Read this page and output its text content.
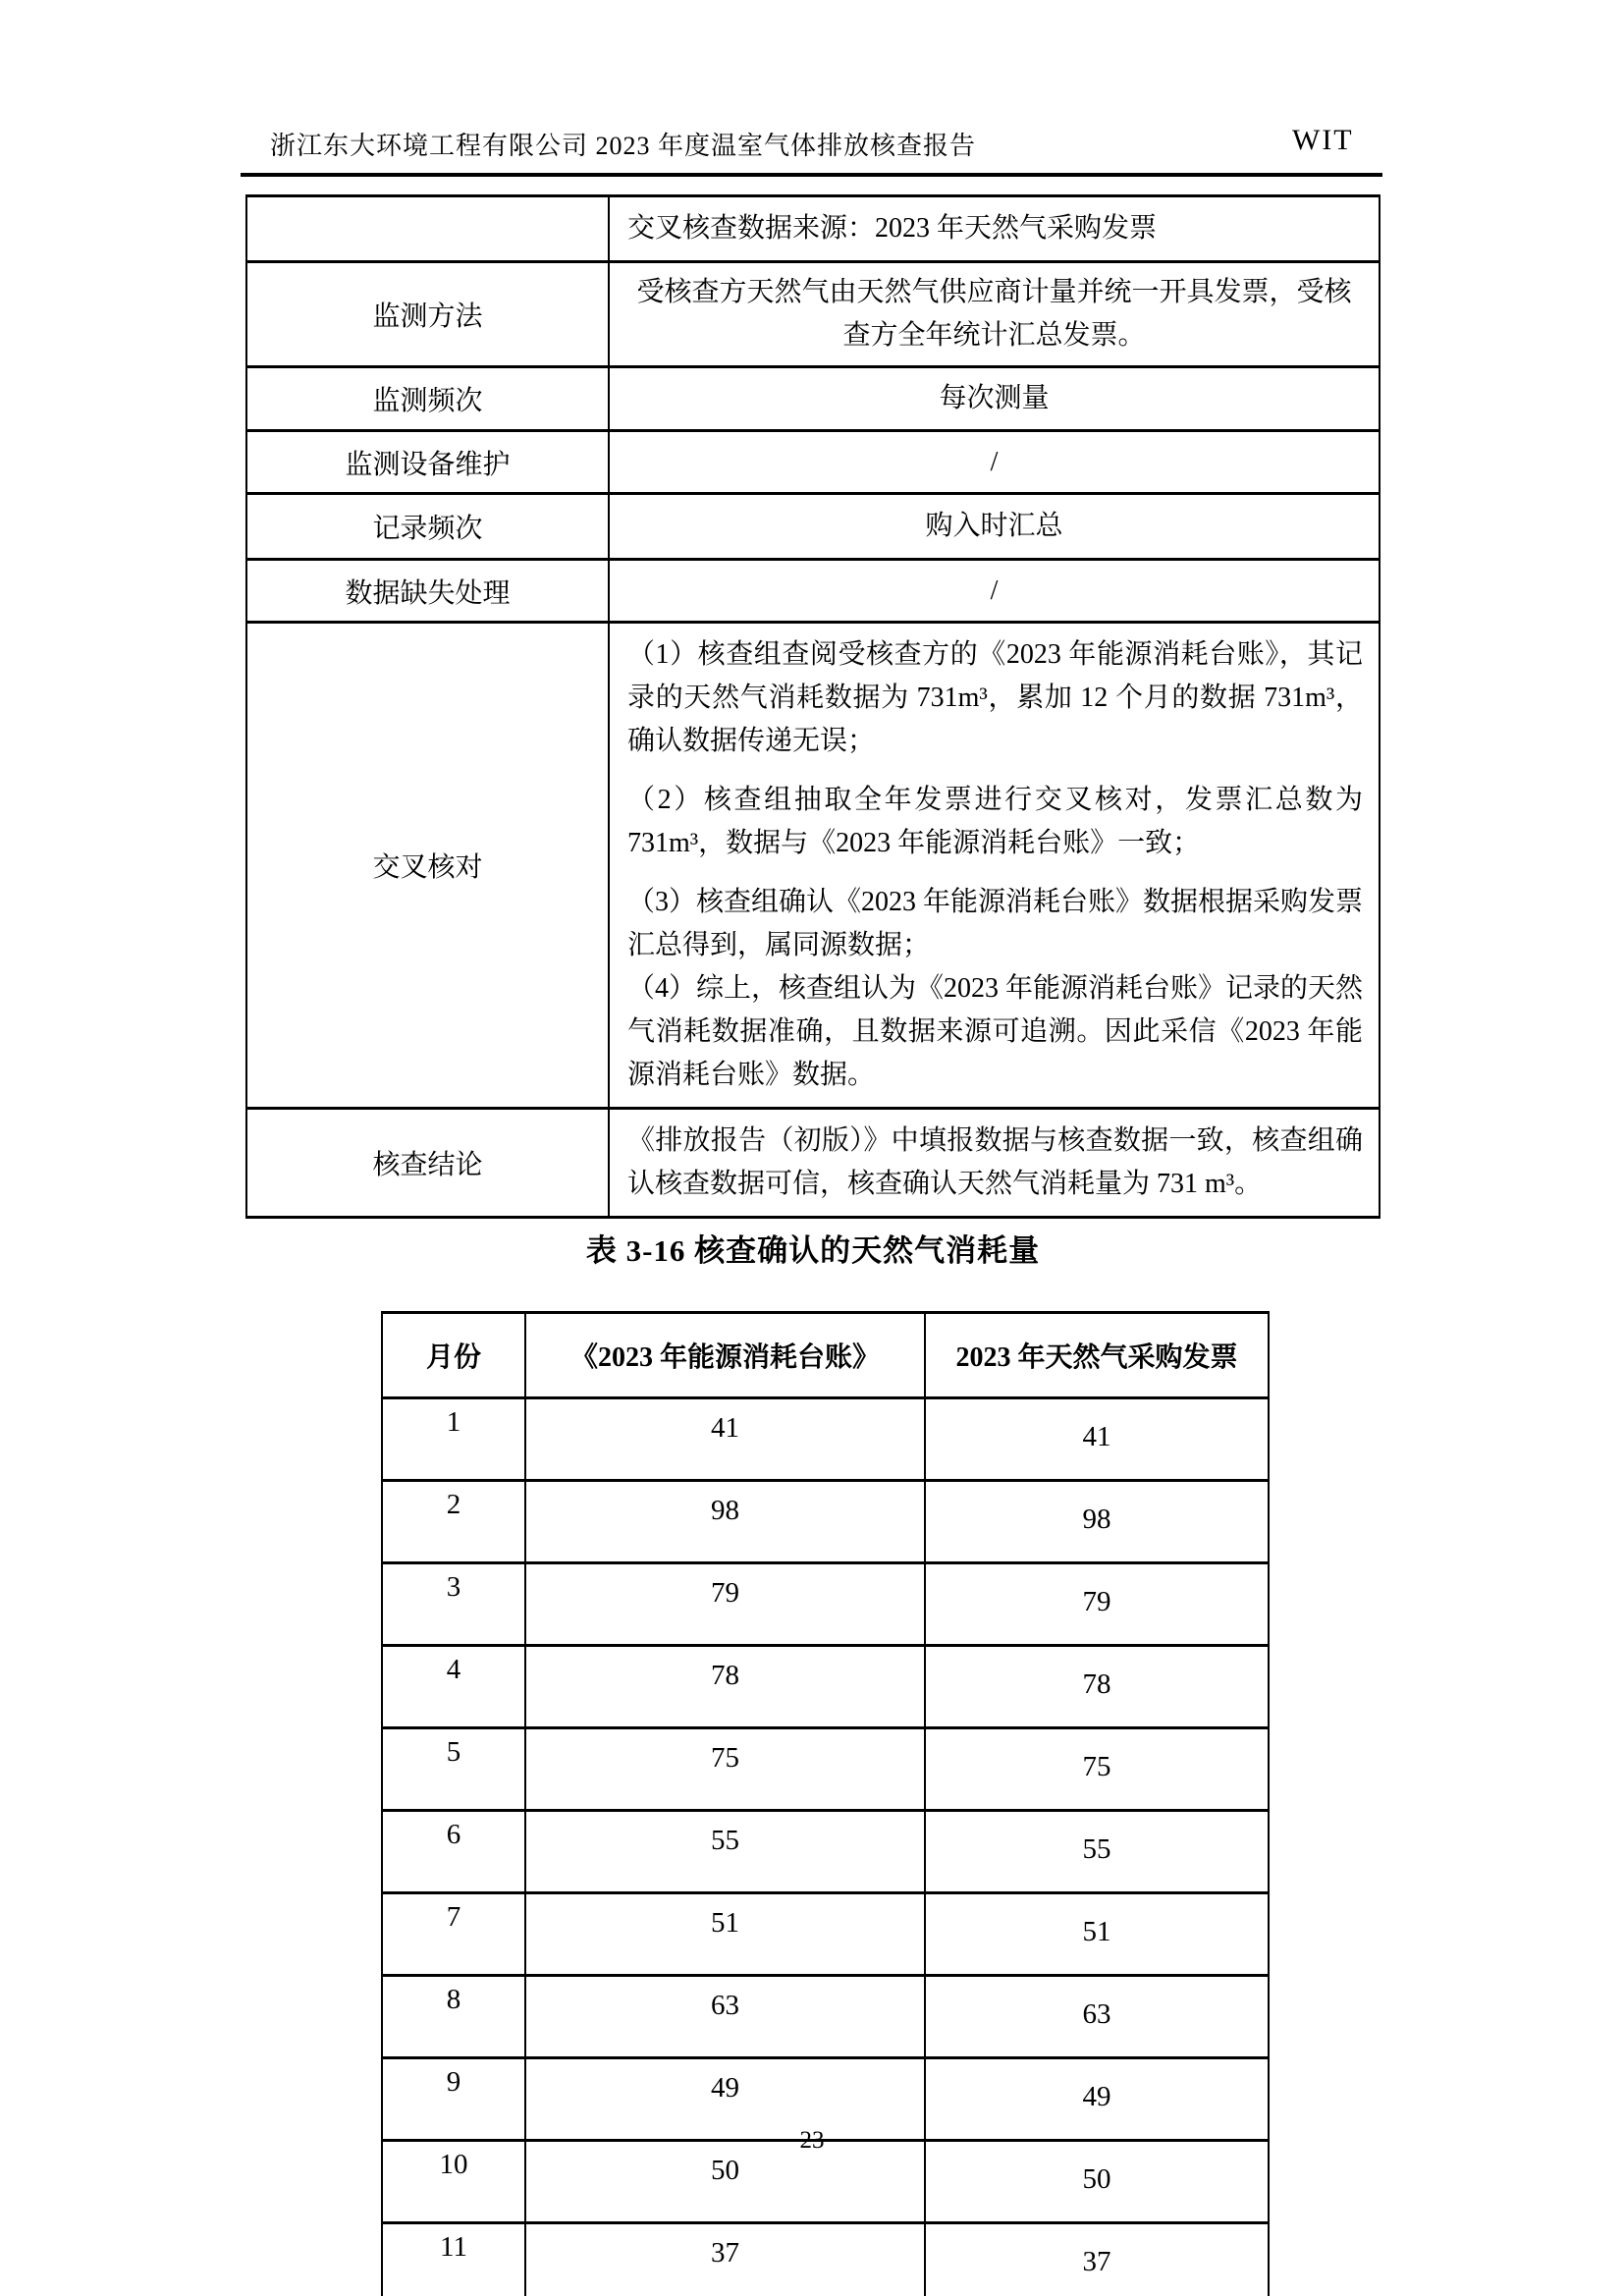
浙江东大环境工程有限公司 2023 年度温室气体排放核查报告	WIT
	交叉核查数据来源：2023 年天然气采购发票
监测方法	受核查方天然气由天然气供应商计量并统一开具发票，受核查方全年统计汇总发票。
监测频次	每次测量
监测设备维护	/
记录频次	购入时汇总
数据缺失处理	/
交叉核对	（1）核查组查阅受核查方的《2023 年能源消耗台账》，其记录的天然气消耗数据为 731m³，累加 12 个月的数据 731m³，确认数据传递无误；

（2）核查组抽取全年发票进行交叉核对，发票汇总数为 731m³，数据与《2023 年能源消耗台账》一致；

（3）核查组确认《2023 年能源消耗台账》数据根据采购发票汇总得到，属同源数据；

（4）综上，核查组认为《2023 年能源消耗台账》记录的天然气消耗数据准确，且数据来源可追溯。因此采信《2023 年能源消耗台账》数据。

核查结论	《排放报告（初版）》中填报数据与核查数据一致，核查组确认核查数据可信，核查确认天然气消耗量为 731 m³。
表 3-16 核查确认的天然气消耗量
月份	《2023 年能源消耗台账》	2023 年天然气采购发票
1	41	41
2	98	98
3	79	79
4	78	78
5	75	75
6	55	55
7	51	51
8	63	63
9	49	49
10	50	50
11	37	37
23
